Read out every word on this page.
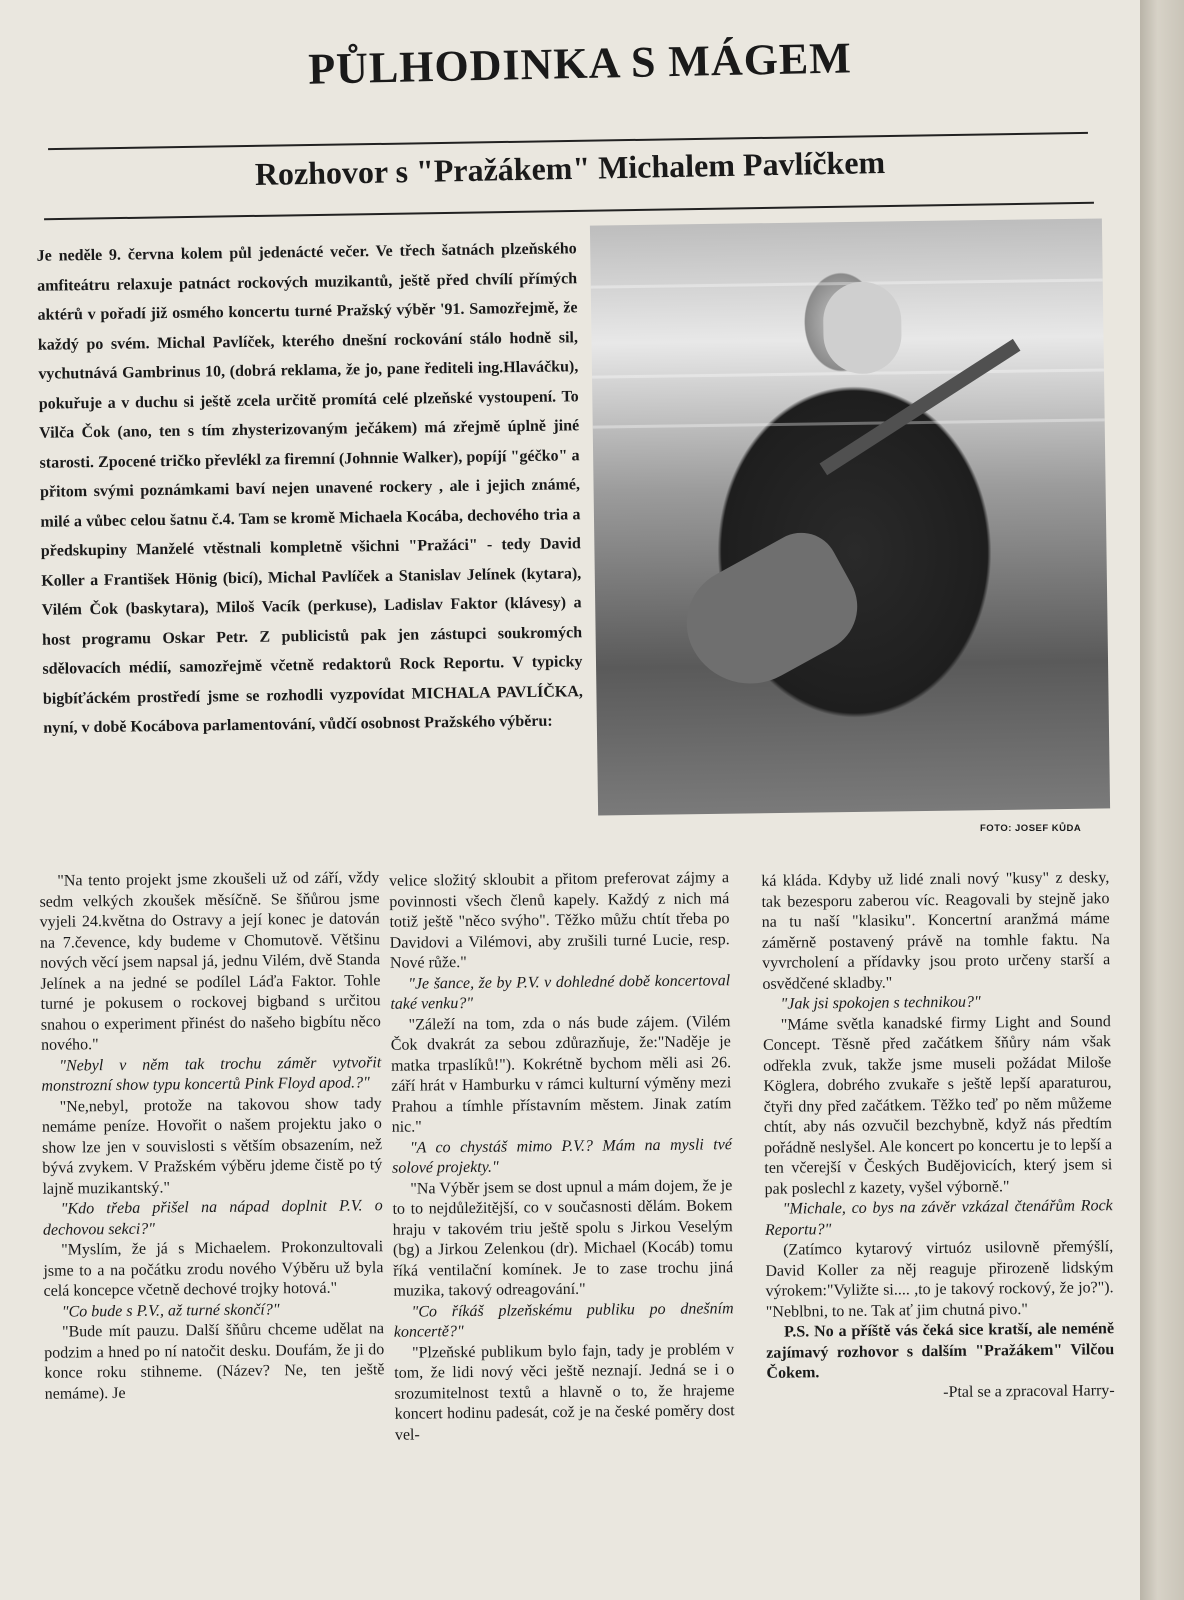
PŮLHODINKA S MÁGEM
Rozhovor s "Pražákem" Michalem Pavlíčkem

Je neděle 9. června kolem půl jedenácté večer. Ve třech šatnách plzeňského amfiteátru relaxuje patnáct rockových muzikantů, ještě před chvílí přímých aktérů v pořadí již osmého koncertu turné Pražský výběr '91. Samozřejmě, že každý po svém. Michal Pavlíček, kterého dnešní rockování stálo hodně sil, vychutnává Gambrinus 10, (dobrá reklama, že jo, pane řediteli ing.Hlaváčku), pokuřuje a v duchu si ještě zcela určitě promítá celé plzeňské vystoupení. To Vilča Čok (ano, ten s tím zhysterizovaným ječákem) má zřejmě úplně jiné starosti. Zpocené tričko převlékl za firemní (Johnnie Walker), popíjí "géčko" a přitom svými poznámkami baví nejen unavené rockery , ale i jejich známé, milé a vůbec celou šatnu č.4. Tam se kromě Michaela Kocába, dechového tria a předskupiny Manželé vtěstnali kompletně všichni "Pražáci" - tedy David Koller a František Hönig (bicí), Michal Pavlíček a Stanislav Jelínek (kytara), Vilém Čok (baskytara), Miloš Vacík (perkuse), Ladislav Faktor (klávesy) a host programu Oskar Petr. Z publicistů pak jen zástupci soukromých sdělovacích médií, samozřejmě včetně redaktorů Rock Reportu. V typicky bigbíťáckém prostředí jsme se rozhodli vyzpovídat MICHALA PAVLÍČKA, nyní, v době Kocábova parlamentování, vůdčí osobnost Pražského výběru:

FOTO: JOSEF KŮDA

"Na tento projekt jsme zkoušeli už od září, vždy sedm velkých zkoušek měsíčně. Se šňůrou jsme vyjeli 24.května do Ostravy a její konec je datován na 7.čevence, kdy budeme v Chomutově. Většinu nových věcí jsem napsal já, jednu Vilém, dvě Standa Jelínek a na jedné se podílel Láďa Faktor. Tohle turné je pokusem o rockovej bigband s určitou snahou o experiment přinést do našeho bigbítu něco nového."

"Nebyl v něm tak trochu záměr vytvořit monstrozní show typu koncertů Pink Floyd apod.?"

"Ne,nebyl, protože na takovou show tady nemáme peníze. Hovořit o našem projektu jako o show lze jen v souvislosti s větším obsazením, než bývá zvykem. V Pražském výběru jdeme čistě po tý lajně muzikantský."

"Kdo třeba přišel na nápad doplnit P.V. o dechovou sekci?"

"Myslím, že já s Michaelem. Prokonzultovali jsme to a na počátku zrodu nového Výběru už byla celá koncepce včetně dechové trojky hotová."

"Co bude s P.V., až turné skončí?"

"Bude mít pauzu. Další šňůru chceme udělat na podzim a hned po ní natočit desku. Doufám, že ji do konce roku stihneme. (Název? Ne, ten ještě nemáme). Je

velice složitý skloubit a přitom preferovat zájmy a povinnosti všech členů kapely. Každý z nich má totiž ještě "něco svýho". Těžko můžu chtít třeba po Davidovi a Vilémovi, aby zrušili turné Lucie, resp. Nové růže."

"Je šance, že by P.V. v dohledné době koncertoval také venku?"

"Záleží na tom, zda o nás bude zájem. (Vilém Čok dvakrát za sebou zdůrazňuje, že:"Naděje je matka trpaslíků!"). Kokrétně bychom měli asi 26. září hrát v Hamburku v rámci kulturní výměny mezi Prahou a tímhle přístavním městem. Jinak zatím nic."

"A co chystáš mimo P.V.? Mám na mysli tvé solové projekty."

"Na Výběr jsem se dost upnul a mám dojem, že je to to nejdůležitější, co v současnosti dělám. Bokem hraju v takovém triu ještě spolu s Jirkou Veselým (bg) a Jirkou Zelenkou (dr). Michael (Kocáb) tomu říká ventilační komínek. Je to zase trochu jiná muzika, takový odreagování."

"Co říkáš plzeňskému publiku po dnešním koncertě?"

"Plzeňské publikum bylo fajn, tady je problém v tom, že lidi nový věci ještě neznají. Jedná se i o srozumitelnost textů a hlavně o to, že hrajeme koncert hodinu padesát, což je na české poměry dost vel-

ká kláda. Kdyby už lidé znali nový "kusy" z desky, tak bezesporu zaberou víc. Reagovali by stejně jako na tu naší "klasiku". Koncertní aranžmá máme záměrně postavený právě na tomhle faktu. Na vyvrcholení a přídavky jsou proto určeny starší a osvědčené skladby."

"Jak jsi spokojen s technikou?"

"Máme světla kanadské firmy Light and Sound Concept. Těsně před začátkem šňůry nám však odřekla zvuk, takže jsme museli požádat Miloše Köglera, dobrého zvukaře s ještě lepší aparaturou, čtyři dny před začátkem. Těžko teď po něm můžeme chtít, aby nás ozvučil bezchybně, když nás předtím pořádně neslyšel. Ale koncert po koncertu je to lepší a ten včerejší v Českých Budějovicích, který jsem si pak poslechl z kazety, vyšel výborně."

"Michale, co bys na závěr vzkázal čtenářům Rock Reportu?"

(Zatímco kytarový virtuóz usilovně přemýšlí, David Koller za něj reaguje přirozeně lidským výrokem:"Vyližte si.... ,to je takový rockový, že jo?"). "Neblbni, to ne. Tak ať jim chutná pivo."

P.S. No a příště vás čeká sice kratší, ale neméně zajímavý rozhovor s dalším "Pražákem" Vilčou Čokem.

-Ptal se a zpracoval Harry-
